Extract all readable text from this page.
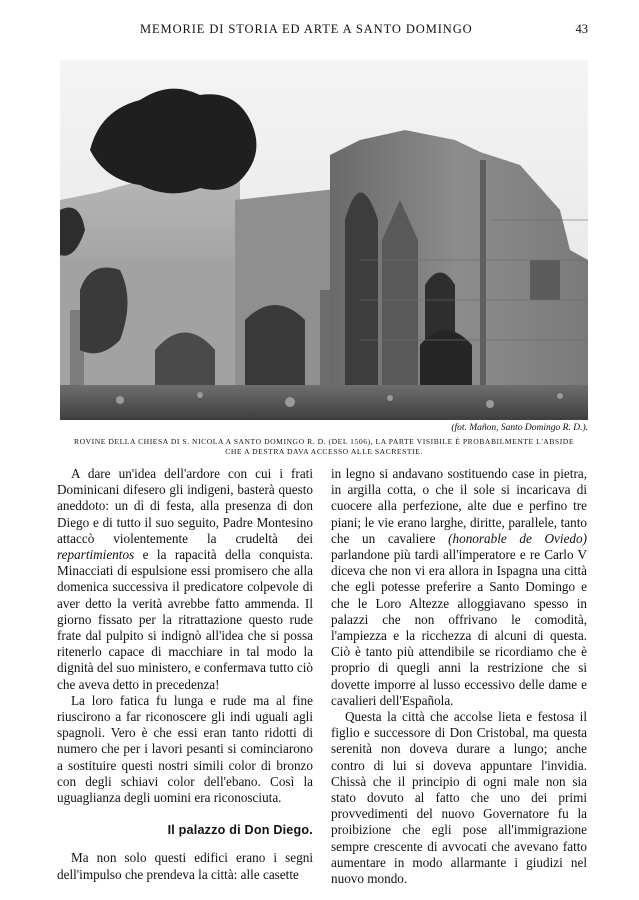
MEMORIE DI STORIA ED ARTE A SANTO DOMINGO	43
(fot. Mañon, Santo Domingo R. D.).
ROVINE DELLA CHIESA DI S. NICOLA A SANTO DOMINGO R. D. (DEL 1506), LA PARTE VISIBILE È PROBABILMENTE L'ABSIDE
CHE A DESTRA DAVA ACCESSO ALLE SACRESTIE.

A dare un'idea dell'ardore con cui i frati Dominicani difesero gli indigeni, basterà questo aneddoto: un dì di festa, alla presenza di don Diego e di tutto il suo seguito, Padre Montesino attaccò violentemente la crudeltà dei repartimientos e la rapacità della conquista. Minacciati di espulsione essi promisero che alla domenica successiva il predicatore colpevole di aver detto la verità avrebbe fatto ammenda. Il giorno fissato per la ritrattazione questo rude frate dal pulpito si indignò all'idea che si possa ritenerlo capace di macchiare in tal modo la dignità del suo ministero, e confermava tutto ciò che aveva detto in precedenza!

La loro fatica fu lunga e rude ma al fine riuscirono a far riconoscere gli indi uguali agli spagnoli. Vero è che essi eran tanto ridotti di numero che per i lavori pesanti si cominciarono a sostituire questi nostri simili color di bronzo con degli schiavi color dell'ebano. Così la uguaglianza degli uomini era riconosciuta.

Il palazzo di Don Diego.

Ma non solo questi edifici erano i segni dell'impulso che prendeva la città: alle casette

in legno si andavano sostituendo case in pietra, in argilla cotta, o che il sole si incaricava di cuocere alla perfezione, alte due e perfino tre piani; le vie erano larghe, diritte, parallele, tanto che un cavaliere (honorable de Oviedo) parlandone più tardi all'imperatore e re Carlo V diceva che non vi era allora in Ispagna una città che egli potesse preferire a Santo Domingo e che le Loro Altezze alloggiavano spesso in palazzi che non offrivano le comodità, l'ampiezza e la ricchezza di alcuni di questa. Ciò è tanto più attendibile se ricordiamo che è proprio di quegli anni la restrizione che si dovette imporre al lusso eccessivo delle dame e cavalieri dell'Española.

Questa la città che accolse lieta e festosa il figlio e successore di Don Cristobal, ma questa serenità non doveva durare a lungo; anche contro di lui si doveva appuntare l'invidia. Chissà che il principio di ogni male non sia stato dovuto al fatto che uno dei primi provvedimenti del nuovo Governatore fu la proibizione che egli pose all'immigrazione sempre crescente di avvocati che avevano fatto aumentare in modo allarmante i giudizi nel nuovo mondo.
